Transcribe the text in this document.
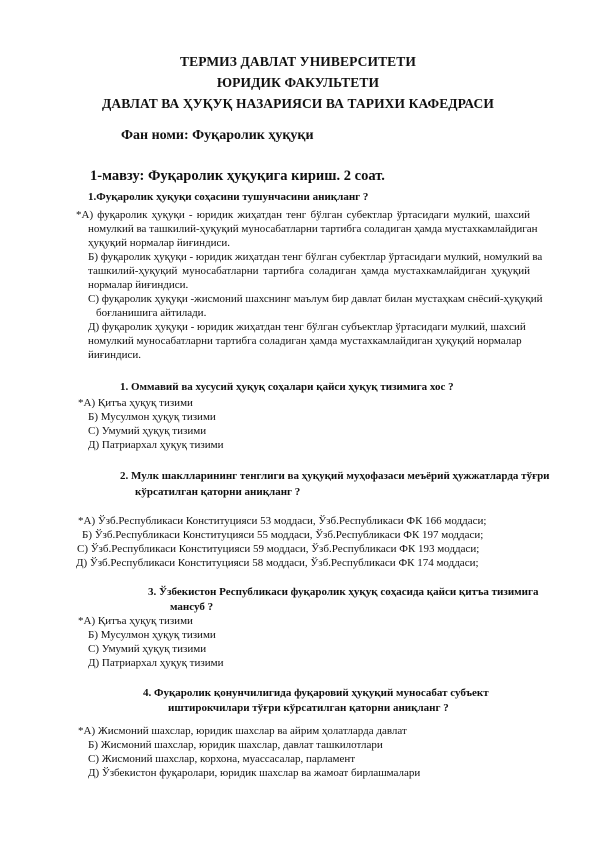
ТЕРМИЗ ДАВЛАТ УНИВЕРСИТЕТИ
ЮРИДИК ФАКУЛЬТЕТИ
ДАВЛАТ ВА ҲУҚУҚ НАЗАРИЯСИ ВА ТАРИХИ КАФЕДРАСИ
Фан номи: Фуқаролик ҳуқуқи
1-мавзу: Фуқаролик ҳуқуқига кириш. 2 соат.
1.Фуқаролик ҳуқуқи соҳасини тушунчасини аниқланг ?
*А) фуқаролик ҳуқуқи - юридик жиҳатдан тенг бўлган субектлар ўртасидаги мулкий, шахсий
номулкий ва ташкилий-ҳуқуқий муносабатларни тартибга соладиган ҳамда мустахкамлайдиган
ҳуқуқий нормалар йиғиндиси.
Б) фуқаролик ҳуқуқи - юридик жиҳатдан тенг бўлган субектлар ўртасидаги мулкий, номулкий ва
ташкилий-ҳуқуқий муносабатларни тартибга соладиган ҳамда мустахкамлайдиган ҳуқуқий
нормалар йиғиндиси.
С) фуқаролик ҳуқуқи -жисмоний шахснинг маълум бир давлат билан мустаҳкам снёсий-ҳуқуқий
боғланишига айтилади.
Д) фуқаролик ҳуқуқи - юридик жиҳатдан тенг бўлган субъектлар ўртасидаги мулкий, шахсий
номулкий муносабатларни тартибга соладиган ҳамда мустахкамлайдиган ҳуқуқий нормалар
йиғиндиси.
1. Оммавий ва хусусий ҳуқуқ соҳалари қайси ҳуқуқ тизимига хос ?
*А) Қитъа ҳуқуқ тизими
Б) Мусулмон ҳуқуқ тизими
С) Умумий ҳуқуқ тизими
Д) Патриархал ҳуқуқ тизими
2. Мулк шаклларининг тенглиги ва ҳуқуқий муҳофазаси меъёрий ҳужжатларда тўғри
кўрсатилган қаторни аниқланг ?
*А) Ўзб.Республикаси Конституцияси 53 моддаси, Ўзб.Республикаси ФК 166 моддаси;
Б) Ўзб.Республикаси Конституцияси 55 моддаси, Ўзб.Республикаси ФК 197 моддаси;
С) Ўзб.Республикаси Конституцияси 59 моддаси, Ўзб.Республикаси ФК 193 моддаси;
Д) Ўзб.Республикаси Конституцияси 58 моддаси, Ўзб.Республикаси ФК 174 моддаси;
3. Ўзбекистон Республикаси фуқаролик ҳуқуқ соҳасида қайси қитъа тизимига
мансуб ?
*А) Қитъа ҳуқуқ тизими
Б) Мусулмон ҳуқуқ тизими
С) Умумий ҳуқуқ тизими
Д) Патриархал ҳуқуқ тизими
4. Фуқаролик қонунчилигида фуқаровий ҳуқуқий муносабат субъект
иштирокчилари тўғри кўрсатилган қаторни аниқланг ?
*А) Жисмоний шахслар, юридик шахслар ва айрим ҳолатларда давлат
Б) Жисмоний шахслар, юридик шахслар, давлат ташкилотлари
С) Жисмоний шахслар, корхона, муассасалар, парламент
Д) Ўзбекистон фуқаролари, юридик шахслар ва жамоат бирлашмалари
